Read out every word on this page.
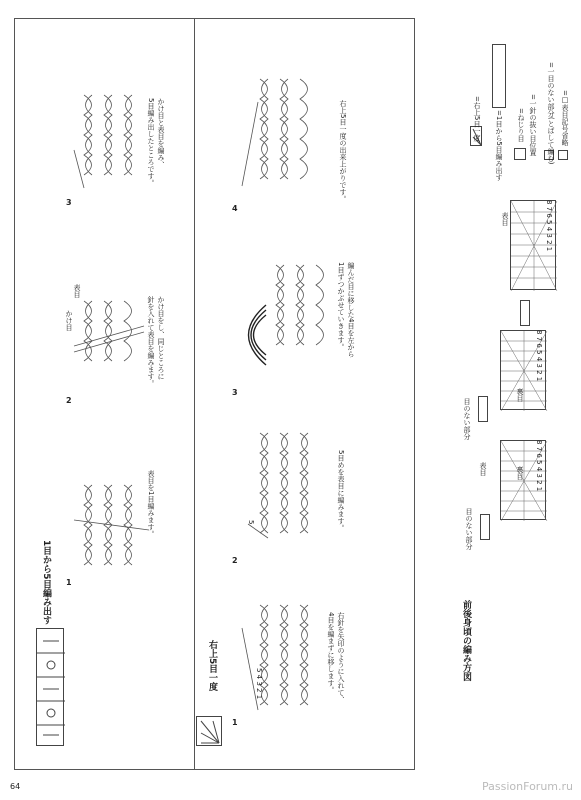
1目から5目編み出す 1
表目を1目編みます。
2
かけ目
表目
かけ目をし、同じところに
針を入れて表目を編みます。
3
かけ目と表目を編み、
5目編み出したところです。
右上5目一度
1
5 4 3 2 1	右針を矢印のように入れて、
4目を編まずに移します。
2
5	5目めを表目に編みます。
3
編んだ目に移した4目を左から
1目ずつかぶせていきます。
4
右上5目一度の出来上がりです。
前後身頃の編み方図
目のない部分
表目	裏目 8 7 6 5 4 3 2 1
目のない部分
裏目
8 7 6 5 4 3 2 1
表目	8 7 6 5 4 3 2 1
=右上5目一度 =1目から5目編み出す =ねじり目 =一針の抜い目位置 =一目のない部分(とばして編む) =□表目記号省略
64	PassionForum.ru
